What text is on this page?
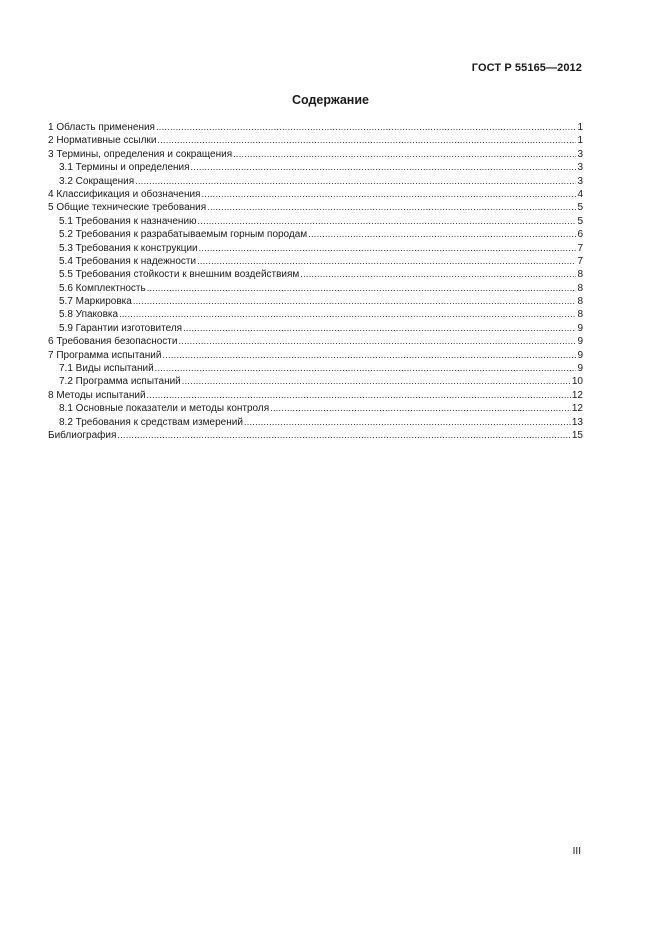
ГОСТ Р 55165—2012
Содержание
1 Область применения .....	1
2 Нормативные ссылки .....	1
3 Термины, определения и сокращения .....	3
3.1 Термины и определения .....	3
3.2 Сокращения .....	3
4 Классификация и обозначения .....	4
5 Общие технические требования .....	5
5.1 Требования к назначению .....	5
5.2 Требования к разрабатываемым горным породам .....	6
5.3 Требования к конструкции .....	7
5.4 Требования к надежности .....	7
5.5 Требования стойкости к внешним воздействиям .....	8
5.6 Комплектность .....	8
5.7 Маркировка .....	8
5.8 Упаковка .....	8
5.9 Гарантии изготовителя .....	9
6 Требования безопасности .....	9
7 Программа испытаний .....	9
7.1 Виды испытаний .....	9
7.2 Программа испытаний .....	10
8 Методы испытаний .....	12
8.1 Основные показатели и методы контроля .....	12
8.2 Требования к средствам измерений .....	13
Библиография .....	15
III
